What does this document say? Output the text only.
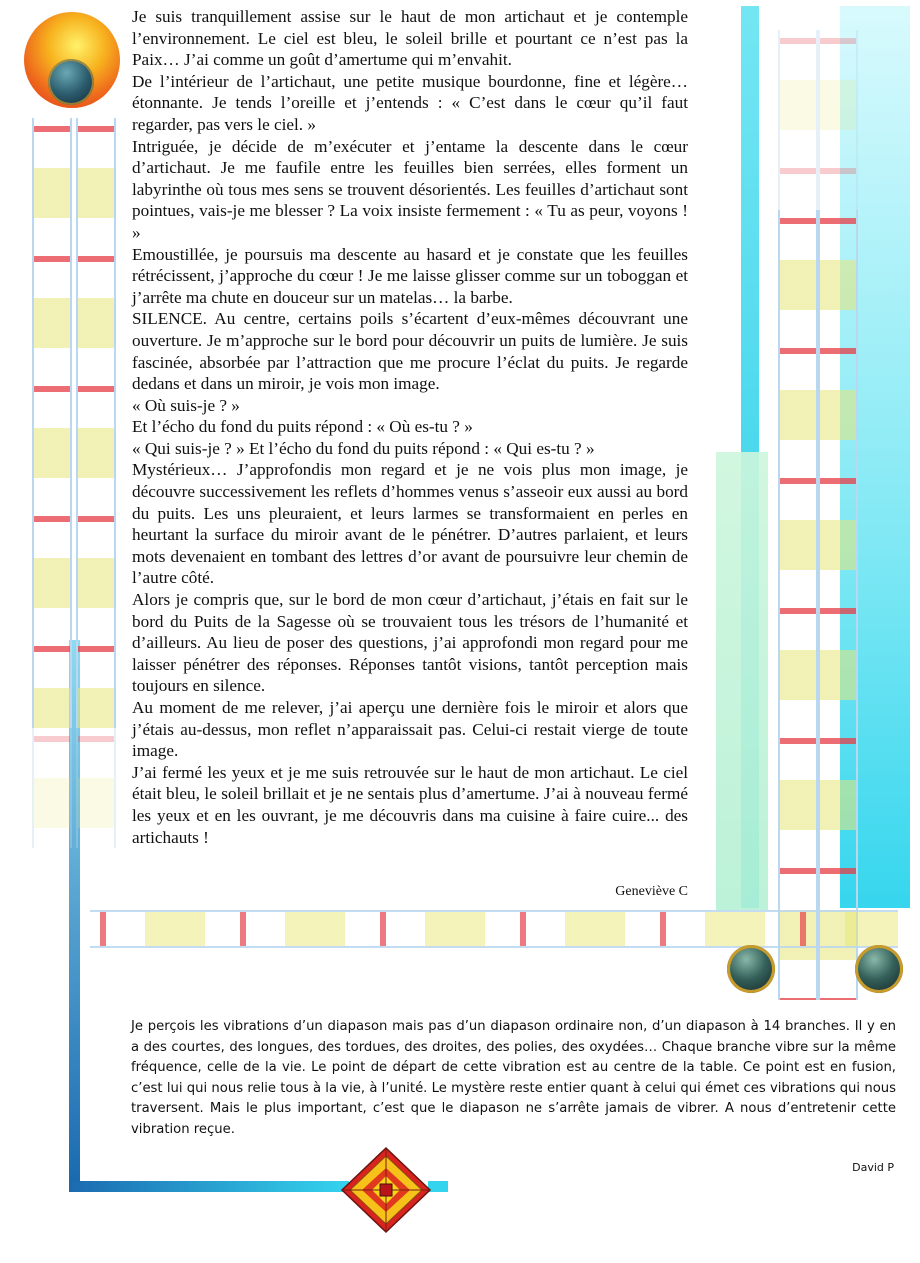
Je suis tranquillement assise sur le haut de mon artichaut et je contemple l’environnement. Le ciel est bleu, le soleil brille et pourtant ce n’est pas la Paix… J’ai comme un goût d’amertume qui m’envahit.

De l’intérieur de l’artichaut, une petite musique bourdonne, fine et légère… étonnante. Je tends l’oreille et j’entends : « C’est dans le cœur qu’il faut regarder, pas vers le ciel. »

Intriguée, je décide de m’exécuter et j’entame la descente dans le cœur d’artichaut. Je me faufile entre les feuilles bien serrées, elles forment un labyrinthe où tous mes sens se trouvent désorientés. Les feuilles d’artichaut sont pointues, vais-je me blesser ? La voix insiste fermement : « Tu as peur, voyons ! »

Emoustillée, je poursuis ma descente au hasard et je constate que les feuilles rétrécissent, j’approche du cœur ! Je me laisse glisser comme sur un toboggan et j’arrête ma chute en douceur sur un matelas… la barbe.

SILENCE. Au centre, certains poils s’écartent d’eux-mêmes découvrant une ouverture. Je m’approche sur le bord pour découvrir un puits de lumière. Je suis fascinée, absorbée par l’attraction que me procure l’éclat du puits. Je regarde dedans et dans un miroir, je vois mon image.

« Où suis-je ? »

Et l’écho du fond du puits répond : « Où es-tu ? »

« Qui suis-je ? » Et l’écho du fond du puits répond : « Qui es-tu ? »

Mystérieux… J’approfondis mon regard et je ne vois plus mon image, je découvre successivement les reflets d’hommes venus s’asseoir eux aussi au bord du puits. Les uns pleuraient, et leurs larmes se transformaient en perles en heurtant la surface du miroir avant de le pénétrer. D’autres parlaient, et leurs mots devenaient en tombant des lettres d’or avant de poursuivre leur chemin de l’autre côté.

Alors je compris que, sur le bord de mon cœur d’artichaut, j’étais en fait sur le bord du Puits de la Sagesse où se trouvaient tous les trésors de l’humanité et d’ailleurs. Au lieu de poser des questions, j’ai approfondi mon regard pour me laisser pénétrer des réponses. Réponses tantôt visions, tantôt perception mais toujours en silence.

Au moment de me relever, j’ai aperçu une dernière fois le miroir et alors que j’étais au-dessus, mon reflet n’apparaissait pas. Celui-ci restait vierge de toute image.

J’ai fermé les yeux et je me suis retrouvée sur le haut de mon artichaut. Le ciel était bleu, le soleil brillait et je ne sentais plus d’amertume. J’ai à nouveau fermé les yeux et en les ouvrant, je me découvris dans ma cuisine à faire cuire... des artichauts !

Geneviève C

Je perçois les vibrations d’un diapason mais pas d’un diapason ordinaire non, d’un diapason à 14 branches. Il y en a des courtes, des longues, des tordues, des droites, des polies, des oxydées… Chaque branche vibre sur la même fréquence, celle de la vie. Le point de départ de cette vibration est au centre de la table. Ce point est en fusion, c’est lui qui nous relie tous à la vie, à l’unité. Le mystère reste entier quant à celui qui émet ces vibrations qui nous traversent. Mais le plus important, c’est que le diapason ne s’arrête jamais de vibrer. A nous d’entretenir cette vibration reçue.

David P
